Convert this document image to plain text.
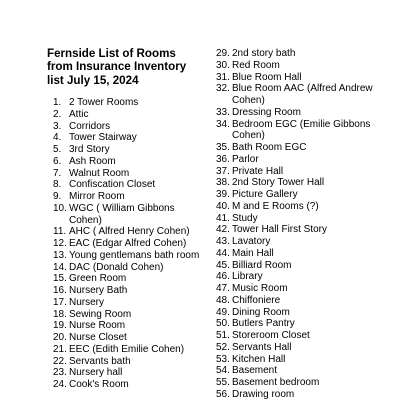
Fernside List of Rooms
from Insurance Inventory
list July 15, 2024
1. 2 Tower Rooms
2. Attic
3. Corridors
4. Tower Stairway
5. 3rd Story
6. Ash Room
7. Walnut Room
8. Confiscation Closet
9. Mirror Room
10. WGC ( William Gibbons Cohen)
11. AHC ( Alfred Henry Cohen)
12. EAC (Edgar Alfred Cohen)
13. Young gentlemans bath room
14. DAC (Donald Cohen)
15. Green Room
16. Nursery Bath
17. Nursery
18. Sewing Room
19. Nurse Room
20. Nurse Closet
21. EEC (Edith Emilie Cohen)
22. Servants bath
23. Nursery hall
24. Cook's Room
29. 2nd story bath
30. Red Room
31. Blue Room Hall
32. Blue Room AAC (Alfred Andrew Cohen)
33. Dressing Room
34. Bedroom EGC (Emilie Gibbons Cohen)
35. Bath Room EGC
36. Parlor
37. Private Hall
38. 2nd Story Tower Hall
39. Picture Gallery
40. M and E Rooms (?)
41. Study
42. Tower Hall First Story
43. Lavatory
44. Main Hall
45. Billiard Room
46. Library
47. Music Room
48. Chiffoniere
49. Dining Room
50. Butlers Pantry
51. Storeroom Closet
52. Servants Hall
53. Kitchen Hall
54. Basement
55. Basement bedroom
56. Drawing room
